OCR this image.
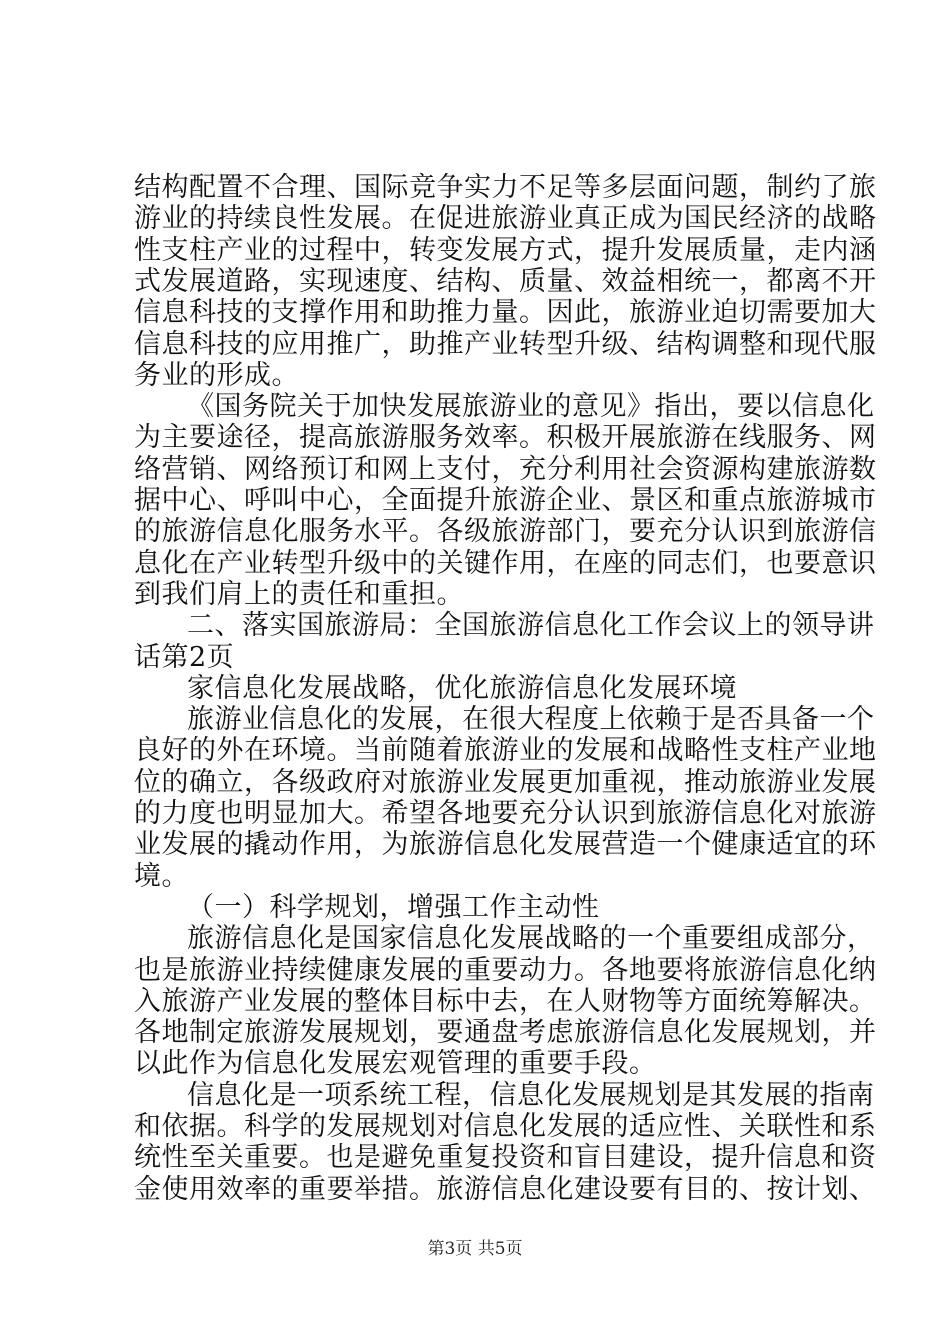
结构配置不合理、国际竞争实力不足等多层面问题，制约了旅
游业的持续良性发展。在促进旅游业真正成为国民经济的战略
性支柱产业的过程中，转变发展方式，提升发展质量，走内涵
式发展道路，实现速度、结构、质量、效益相统一，都离不开
信息科技的支撑作用和助推力量。因此，旅游业迫切需要加大
信息科技的应用推广，助推产业转型升级、结构调整和现代服
务业的形成。
《国务院关于加快发展旅游业的意见》指出，要以信息化
为主要途径，提高旅游服务效率。积极开展旅游在线服务、网
络营销、网络预订和网上支付，充分利用社会资源构建旅游数
据中心、呼叫中心，全面提升旅游企业、景区和重点旅游城市
的旅游信息化服务水平。各级旅游部门，要充分认识到旅游信
息化在产业转型升级中的关键作用，在座的同志们，也要意识
到我们肩上的责任和重担。
二、落实国旅游局：全国旅游信息化工作会议上的领导讲
话第2页
家信息化发展战略，优化旅游信息化发展环境
旅游业信息化的发展，在很大程度上依赖于是否具备一个
良好的外在环境。当前随着旅游业的发展和战略性支柱产业地
位的确立，各级政府对旅游业发展更加重视，推动旅游业发展
的力度也明显加大。希望各地要充分认识到旅游信息化对旅游
业发展的撬动作用，为旅游信息化发展营造一个健康适宜的环
境。
（一）科学规划，增强工作主动性
旅游信息化是国家信息化发展战略的一个重要组成部分，
也是旅游业持续健康发展的重要动力。各地要将旅游信息化纳
入旅游产业发展的整体目标中去，在人财物等方面统筹解决。
各地制定旅游发展规划，要通盘考虑旅游信息化发展规划，并
以此作为信息化发展宏观管理的重要手段。
信息化是一项系统工程，信息化发展规划是其发展的指南
和依据。科学的发展规划对信息化发展的适应性、关联性和系
统性至关重要。也是避免重复投资和盲目建设，提升信息和资
金使用效率的重要举措。旅游信息化建设要有目的、按计划、
第3页 共5页
